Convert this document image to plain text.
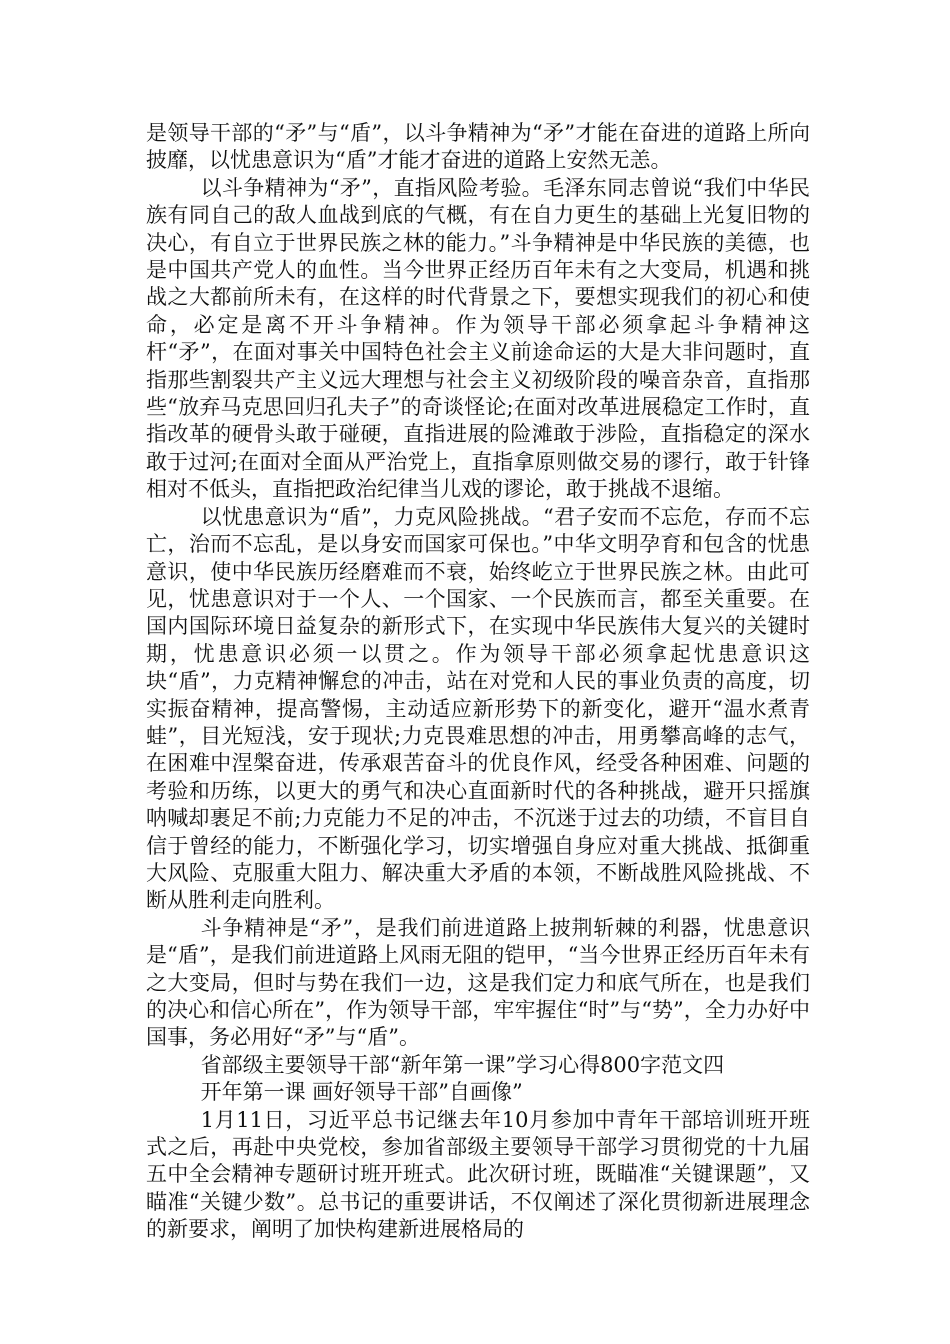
是领导干部的“矛”与“盾”，以斗争精神为“矛”才能在奋进的道路上所向披靡，以忧患意识为“盾”才能才奋进的道路上安然无恙。

以斗争精神为“矛”，直指风险考验。毛泽东同志曾说“我们中华民族有同自己的敌人血战到底的气概，有在自力更生的基础上光复旧物的决心，有自立于世界民族之林的能力。”斗争精神是中华民族的美德，也是中国共产党人的血性。当今世界正经历百年未有之大变局，机遇和挑战之大都前所未有，在这样的时代背景之下，要想实现我们的初心和使命，必定是离不开斗争精神。作为领导干部必须拿起斗争精神这杆“矛”，在面对事关中国特色社会主义前途命运的大是大非问题时，直指那些割裂共产主义远大理想与社会主义初级阶段的噪音杂音，直指那些“放弃马克思回归孔夫子”的奇谈怪论;在面对改革进展稳定工作时，直指改革的硬骨头敢于碰硬，直指进展的险滩敢于涉险，直指稳定的深水敢于过河;在面对全面从严治党上，直指拿原则做交易的谬行，敢于针锋相对不低头，直指把政治纪律当儿戏的谬论，敢于挑战不退缩。

以忧患意识为“盾”，力克风险挑战。“君子安而不忘危，存而不忘亡，治而不忘乱，是以身安而国家可保也。”中华文明孕育和包含的忧患意识，使中华民族历经磨难而不衰，始终屹立于世界民族之林。由此可见，忧患意识对于一个人、一个国家、一个民族而言，都至关重要。在国内国际环境日益复杂的新形式下，在实现中华民族伟大复兴的关键时期，忧患意识必须一以贯之。作为领导干部必须拿起忧患意识这块“盾”，力克精神懈怠的冲击，站在对党和人民的事业负责的高度，切实振奋精神，提高警惕，主动适应新形势下的新变化，避开“温水煮青蛙”，目光短浅，安于现状;力克畏难思想的冲击，用勇攀高峰的志气，在困难中涅槃奋进，传承艰苦奋斗的优良作风，经受各种困难、问题的考验和历练，以更大的勇气和决心直面新时代的各种挑战，避开只摇旗呐喊却裹足不前;力克能力不足的冲击，不沉迷于过去的功绩，不盲目自信于曾经的能力，不断强化学习，切实增强自身应对重大挑战、抵御重大风险、克服重大阻力、解决重大矛盾的本领，不断战胜风险挑战、不断从胜利走向胜利。

斗争精神是“矛”，是我们前进道路上披荆斩棘的利器，忧患意识是“盾”，是我们前进道路上风雨无阻的铠甲，“当今世界正经历百年未有之大变局，但时与势在我们一边，这是我们定力和底气所在，也是我们的决心和信心所在”，作为领导干部，牢牢握住“时”与“势”，全力办好中国事，务必用好“矛”与“盾”。

省部级主要领导干部“新年第一课”学习心得800字范文四

开年第一课 画好领导干部”自画像”

1月11日，习近平总书记继去年10月参加中青年干部培训班开班式之后，再赴中央党校，参加省部级主要领导干部学习贯彻党的十九届五中全会精神专题研讨班开班式。此次研讨班，既瞄准“关键课题”，又瞄准“关键少数”。总书记的重要讲话，不仅阐述了深化贯彻新进展理念的新要求，阐明了加快构建新进展格局的
